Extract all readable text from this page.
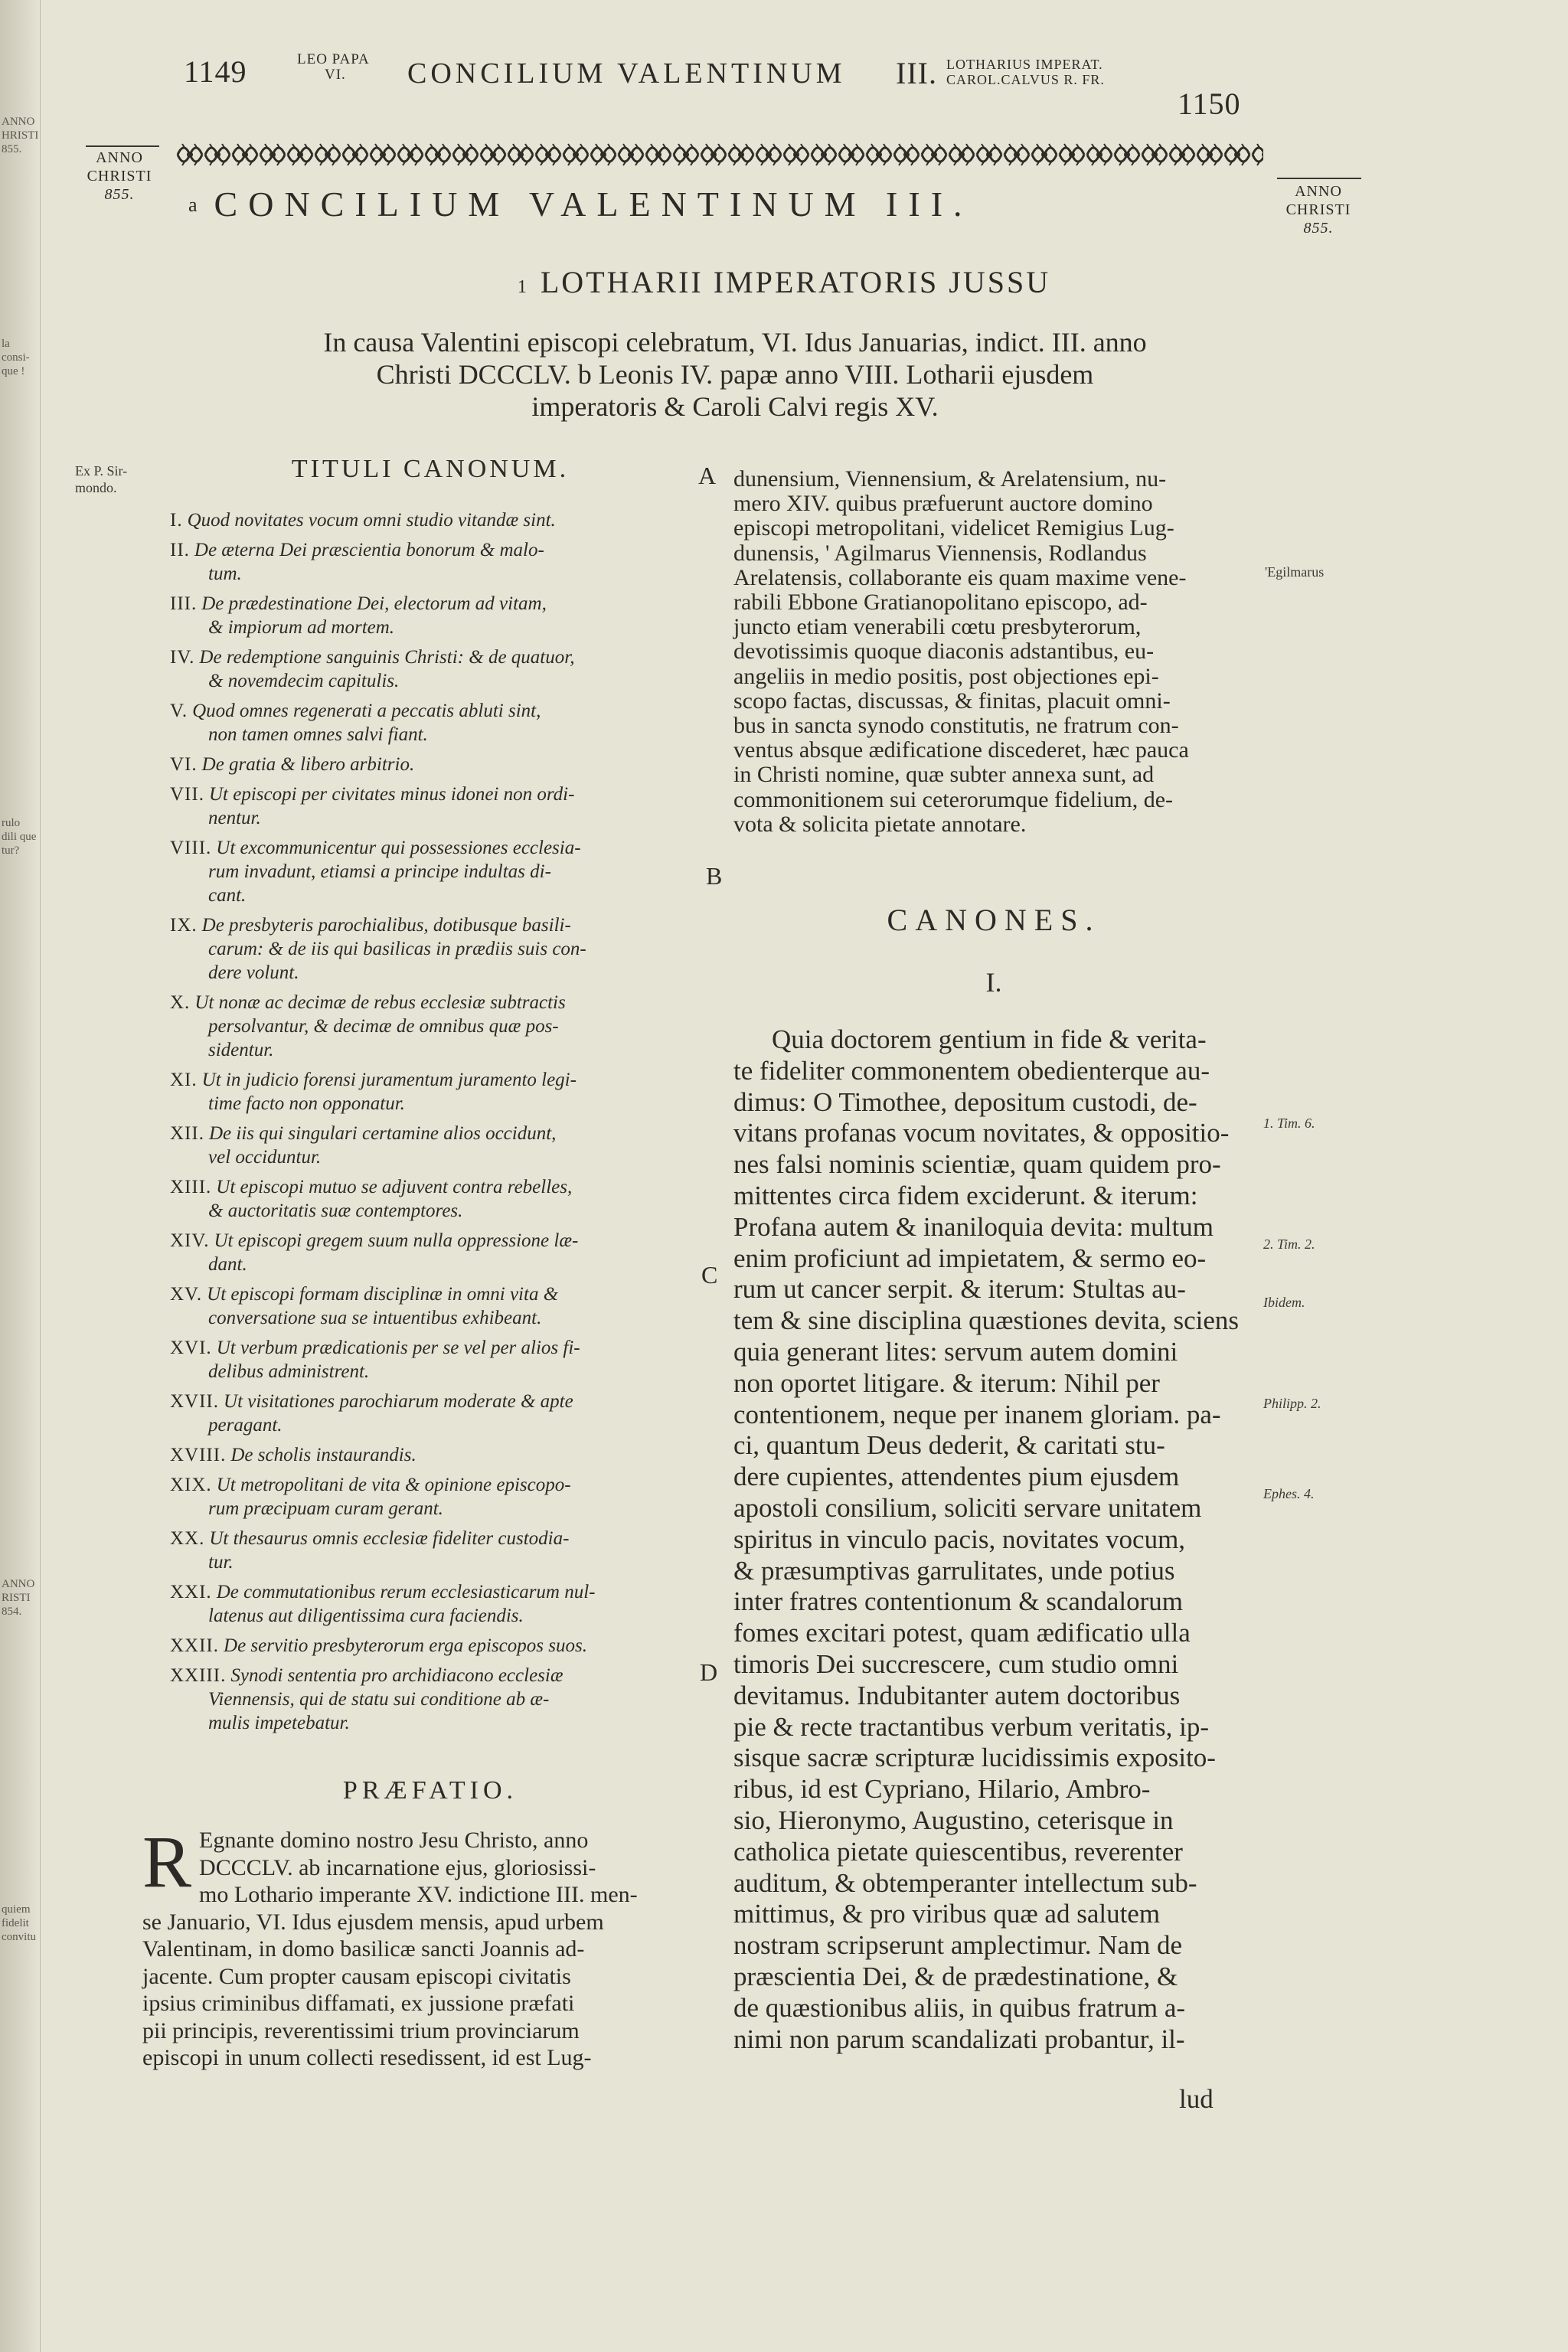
ANNO
HRISTI
855.
la
consi-
que !
rulo
dili que
tur?
ANNO
RISTI
854.
quiem
fidelit
convitu
1149	LEO PAPA
VI.	CONCILIUM VALENTINUM III. LOTHARIUS IMPERAT.
CAROL.CALVUS R. FR.
1150
ANNO
CHRISTI
855.	ANNO
CHRISTI
855.
a CONCILIUM VALENTINUM III.
1 LOTHARII IMPERATORIS JUSSU
In causa Valentini episcopi celebratum, VI. Idus Januarias, indict. III. anno
Christi DCCCLV. b Leonis IV. papæ anno VIII. Lotharii ejusdem
imperatoris & Caroli Calvi regis XV.
Ex P. Sir-
mondo.	A
B
C
D
'Egilmarus
1. Tim. 6.
2. Tim. 2.
Ibidem.
Philipp. 2.
Ephes. 4.
TITULI CANONUM.
I. Quod novitates vocum omni studio vitandæ sint.
II. De æterna Dei præscientia bonorum & malo-
tum.
III. De prædestinatione Dei, electorum ad vitam,
& impiorum ad mortem.
IV. De redemptione sanguinis Christi: & de quatuor,
& novemdecim capitulis.
V. Quod omnes regenerati a peccatis abluti sint,
non tamen omnes salvi fiant.
VI. De gratia & libero arbitrio.
VII. Ut episcopi per civitates minus idonei non ordi-
nentur.
VIII. Ut excommunicentur qui possessiones ecclesia-
rum invadunt, etiamsi a principe indultas di-
cant.
IX. De presbyteris parochialibus, dotibusque basili-
carum: & de iis qui basilicas in prædiis suis con-
dere volunt.
X. Ut nonæ ac decimæ de rebus ecclesiæ subtractis
persolvantur, & decimæ de omnibus quæ pos-
sidentur.
XI. Ut in judicio forensi juramentum juramento legi-
time facto non opponatur.
XII. De iis qui singulari certamine alios occidunt,
vel occiduntur.
XIII. Ut episcopi mutuo se adjuvent contra rebelles,
& auctoritatis suæ contemptores.
XIV. Ut episcopi gregem suum nulla oppressione læ-
dant.
XV. Ut episcopi formam disciplinæ in omni vita &
conversatione sua se intuentibus exhibeant.
XVI. Ut verbum prædicationis per se vel per alios fi-
delibus administrent.
XVII. Ut visitationes parochiarum moderate & apte
peragant.
XVIII. De scholis instaurandis.
XIX. Ut metropolitani de vita & opinione episcopo-
rum præcipuam curam gerant.
XX. Ut thesaurus omnis ecclesiæ fideliter custodia-
tur.
XXI. De commutationibus rerum ecclesiasticarum nul-
latenus aut diligentissima cura faciendis.
XXII. De servitio presbyterorum erga episcopos suos.
XXIII. Synodi sententia pro archidiacono ecclesiæ
Viennensis, qui de statu sui conditione ab æ-
mulis impetebatur.
PRÆFATIO.
R Egnante domino nostro Jesu Christo, anno
DCCCLV. ab incarnatione ejus, gloriosissi-
mo Lothario imperante XV. indictione III. men-
se Januario, VI. Idus ejusdem mensis, apud urbem
Valentinam, in domo basilicæ sancti Joannis ad-
jacente. Cum propter causam episcopi civitatis
ipsius criminibus diffamati, ex jussione præfati
pii principis, reverentissimi trium provinciarum
episcopi in unum collecti resedissent, id est Lug-
dunensium, Viennensium, & Arelatensium, nu-
mero XIV. quibus præfuerunt auctore domino
episcopi metropolitani, videlicet Remigius Lug-
dunensis, ' Agilmarus Viennensis, Rodlandus
Arelatensis, collaborante eis quam maxime vene-
rabili Ebbone Gratianopolitano episcopo, ad-
juncto etiam venerabili cœtu presbyterorum,
devotissimis quoque diaconis adstantibus, eu-
angeliis in medio positis, post objectiones epi-
scopo factas, discussas, & finitas, placuit omni-
bus in sancta synodo constitutis, ne fratrum con-
ventus absque ædificatione discederet, hæc pauca
in Christi nomine, quæ subter annexa sunt, ad
commonitionem sui ceterorumque fidelium, de-
vota & solicita pietate annotare.
CANONES.
I.
Quia doctorem gentium in fide & verita-
te fideliter commonentem obedienterque au-
dimus: O Timothee, depositum custodi, de-
vitans profanas vocum novitates, & oppositio-
nes falsi nominis scientiæ, quam quidem pro-
mittentes circa fidem exciderunt. & iterum:
Profana autem & inaniloquia devita: multum
enim proficiunt ad impietatem, & sermo eo-
rum ut cancer serpit. & iterum: Stultas au-
tem & sine disciplina quæstiones devita, sciens
quia generant lites: servum autem domini
non oportet litigare. & iterum: Nihil per
contentionem, neque per inanem gloriam. pa-
ci, quantum Deus dederit, & caritati stu-
dere cupientes, attendentes pium ejusdem
apostoli consilium, soliciti servare unitatem
spiritus in vinculo pacis, novitates vocum,
& præsumptivas garrulitates, unde potius
inter fratres contentionum & scandalorum
fomes excitari potest, quam ædificatio ulla
timoris Dei succrescere, cum studio omni
devitamus. Indubitanter autem doctoribus
pie & recte tractantibus verbum veritatis, ip-
sisque sacræ scripturæ lucidissimis exposito-
ribus, id est Cypriano, Hilario, Ambro-
sio, Hieronymo, Augustino, ceterisque in
catholica pietate quiescentibus, reverenter
auditum, & obtemperanter intellectum sub-
mittimus, & pro viribus quæ ad salutem
nostram scripserunt amplectimur. Nam de
præscientia Dei, & de prædestinatione, &
de quæstionibus aliis, in quibus fratrum a-
nimi non parum scandalizati probantur, il-
lud
